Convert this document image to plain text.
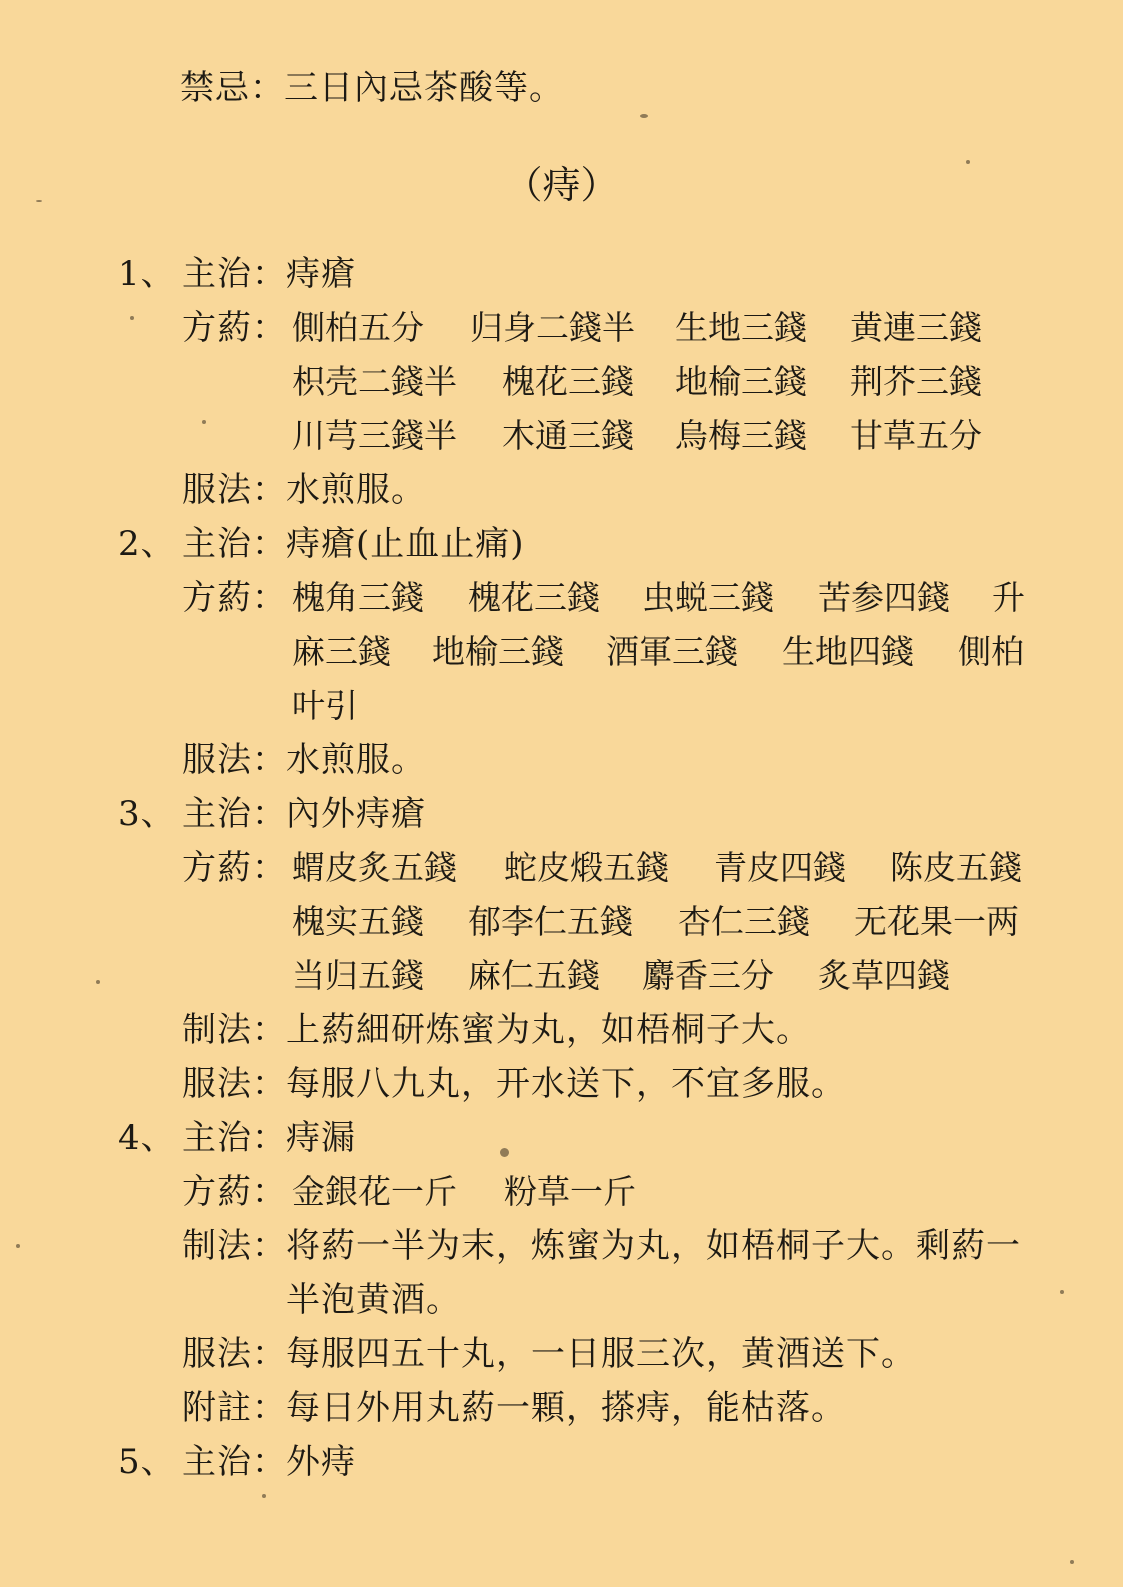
禁忌：三日內忌茶酸等。
（痔）
1、 主治：痔瘡
方葯： 側柏五分 归身二錢半 生地三錢 黄連三錢
枳壳二錢半 槐花三錢 地榆三錢 荆芥三錢
川芎三錢半 木通三錢 烏梅三錢 甘草五分
服法：水煎服。
2、 主治：痔瘡(止血止痛)
方葯： 槐角三錢 槐花三錢 虫蜕三錢 苦参四錢 升
麻三錢 地榆三錢 酒軍三錢 生地四錢 側柏
叶引
服法：水煎服。
3、 主治：內外痔瘡
方葯： 蝟皮炙五錢 蛇皮煅五錢 青皮四錢 陈皮五錢
槐实五錢 郁李仁五錢 杏仁三錢 无花果一两
当归五錢 麻仁五錢 麝香三分 炙草四錢
制法：上葯細研炼蜜为丸，如梧桐子大。
服法：每服八九丸，开水送下，不宜多服。
4、 主治：痔漏
方葯： 金銀花一斤 粉草一斤
制法：将葯一半为末，炼蜜为丸，如梧桐子大。剩葯一
半泡黄酒。
服法：每服四五十丸，一日服三次，黄酒送下。
附註：每日外用丸葯一顆，搽痔，能枯落。
5、 主治：外痔
